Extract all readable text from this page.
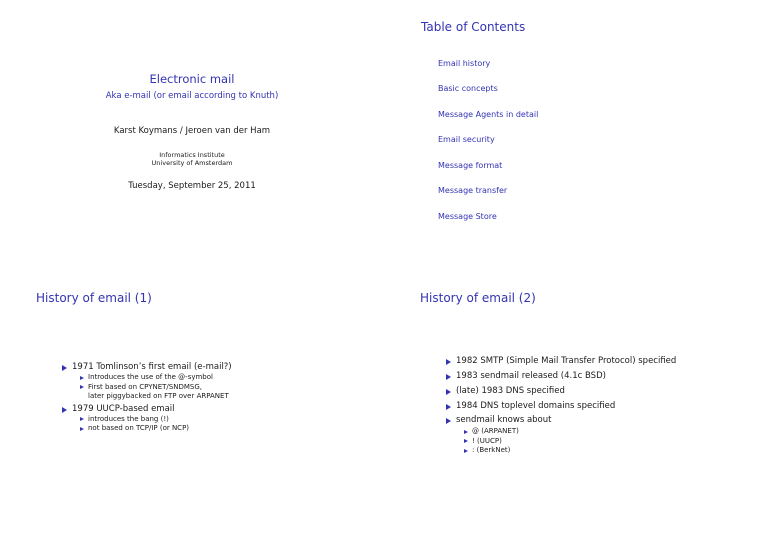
Electronic mail
Aka e-mail (or email according to Knuth)
Karst Koymans / Jeroen van der Ham
Informatics Institute
University of Amsterdam
Tuesday, September 25, 2011
Table of Contents
Email history
Basic concepts
Message Agents in detail
Email security
Message format
Message transfer
Message Store
History of email (1)
1971 Tomlinson’s first email (e-mail?)
Introduces the use of the @-symbol
First based on CPYNET/SNDMSG,
later piggybacked on FTP over ARPANET
1979 UUCP-based email
introduces the bang (!)
not based on TCP/IP (or NCP)
History of email (2)
1982 SMTP (Simple Mail Transfer Protocol) specified
1983 sendmail released (4.1c BSD)
(late) 1983 DNS specified
1984 DNS toplevel domains specified
sendmail knows about
@ (ARPANET)
! (UUCP)
: (BerkNet)
